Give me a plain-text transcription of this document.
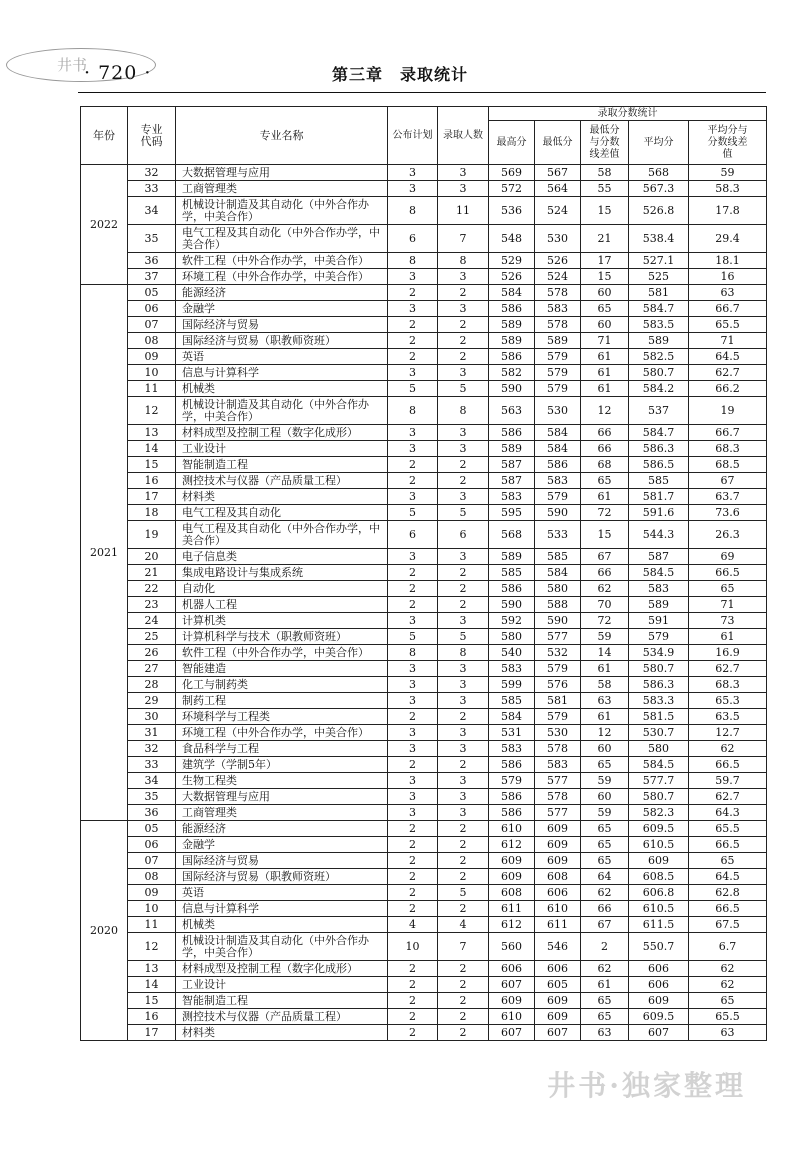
井书
· 720 ·	第三章　录取统计
年份	专业代码	专业名称	公布计划	录取人数	录取分数统计				
					最高分	最低分	最低分与分数线差值	平均分	平均分与分数线差值
2022	32	大数据管理与应用	3	3	569	567	58	568	59
	33	工商管理类	3	3	572	564	55	567.3	58.3
	34	机械设计制造及其自动化（中外合作办学，中美合作）	8	11	536	524	15	526.8	17.8
	35	电气工程及其自动化（中外合作办学，中美合作）	6	7	548	530	21	538.4	29.4
	36	软件工程（中外合作办学，中美合作）	8	8	529	526	17	527.1	18.1
	37	环境工程（中外合作办学，中美合作）	3	3	526	524	15	525	16
2021	05	能源经济	2	2	584	578	60	581	63
	06	金融学	3	3	586	583	65	584.7	66.7
	07	国际经济与贸易	2	2	589	578	60	583.5	65.5
	08	国际经济与贸易（职教师资班）	2	2	589	589	71	589	71
	09	英语	2	2	586	579	61	582.5	64.5
	10	信息与计算科学	3	3	582	579	61	580.7	62.7
	11	机械类	5	5	590	579	61	584.2	66.2
	12	机械设计制造及其自动化（中外合作办学，中美合作）	8	8	563	530	12	537	19
	13	材料成型及控制工程（数字化成形）	3	3	586	584	66	584.7	66.7
	14	工业设计	3	3	589	584	66	586.3	68.3
	15	智能制造工程	2	2	587	586	68	586.5	68.5
	16	测控技术与仪器（产品质量工程）	2	2	587	583	65	585	67
	17	材料类	3	3	583	579	61	581.7	63.7
	18	电气工程及其自动化	5	5	595	590	72	591.6	73.6
	19	电气工程及其自动化（中外合作办学，中美合作）	6	6	568	533	15	544.3	26.3
	20	电子信息类	3	3	589	585	67	587	69
	21	集成电路设计与集成系统	2	2	585	584	66	584.5	66.5
	22	自动化	2	2	586	580	62	583	65
	23	机器人工程	2	2	590	588	70	589	71
	24	计算机类	3	3	592	590	72	591	73
	25	计算机科学与技术（职教师资班）	5	5	580	577	59	579	61
	26	软件工程（中外合作办学，中美合作）	8	8	540	532	14	534.9	16.9
	27	智能建造	3	3	583	579	61	580.7	62.7
	28	化工与制药类	3	3	599	576	58	586.3	68.3
	29	制药工程	3	3	585	581	63	583.3	65.3
	30	环境科学与工程类	2	2	584	579	61	581.5	63.5
	31	环境工程（中外合作办学，中美合作）	3	3	531	530	12	530.7	12.7
	32	食品科学与工程	3	3	583	578	60	580	62
	33	建筑学（学制5年）	2	2	586	583	65	584.5	66.5
	34	生物工程类	3	3	579	577	59	577.7	59.7
	35	大数据管理与应用	3	3	586	578	60	580.7	62.7
	36	工商管理类	3	3	586	577	59	582.3	64.3
2020	05	能源经济	2	2	610	609	65	609.5	65.5
	06	金融学	2	2	612	609	65	610.5	66.5
	07	国际经济与贸易	2	2	609	609	65	609	65
	08	国际经济与贸易（职教师资班）	2	2	609	608	64	608.5	64.5
	09	英语	2	5	608	606	62	606.8	62.8
	10	信息与计算科学	2	2	611	610	66	610.5	66.5
	11	机械类	4	4	612	611	67	611.5	67.5
	12	机械设计制造及其自动化（中外合作办学，中美合作）	10	7	560	546	2	550.7	6.7
	13	材料成型及控制工程（数字化成形）	2	2	606	606	62	606	62
	14	工业设计	2	2	607	605	61	606	62
	15	智能制造工程	2	2	609	609	65	609	65
	16	测控技术与仪器（产品质量工程）	2	2	610	609	65	609.5	65.5
	17	材料类	2	2	607	607	63	607	63
井书·独家整理
